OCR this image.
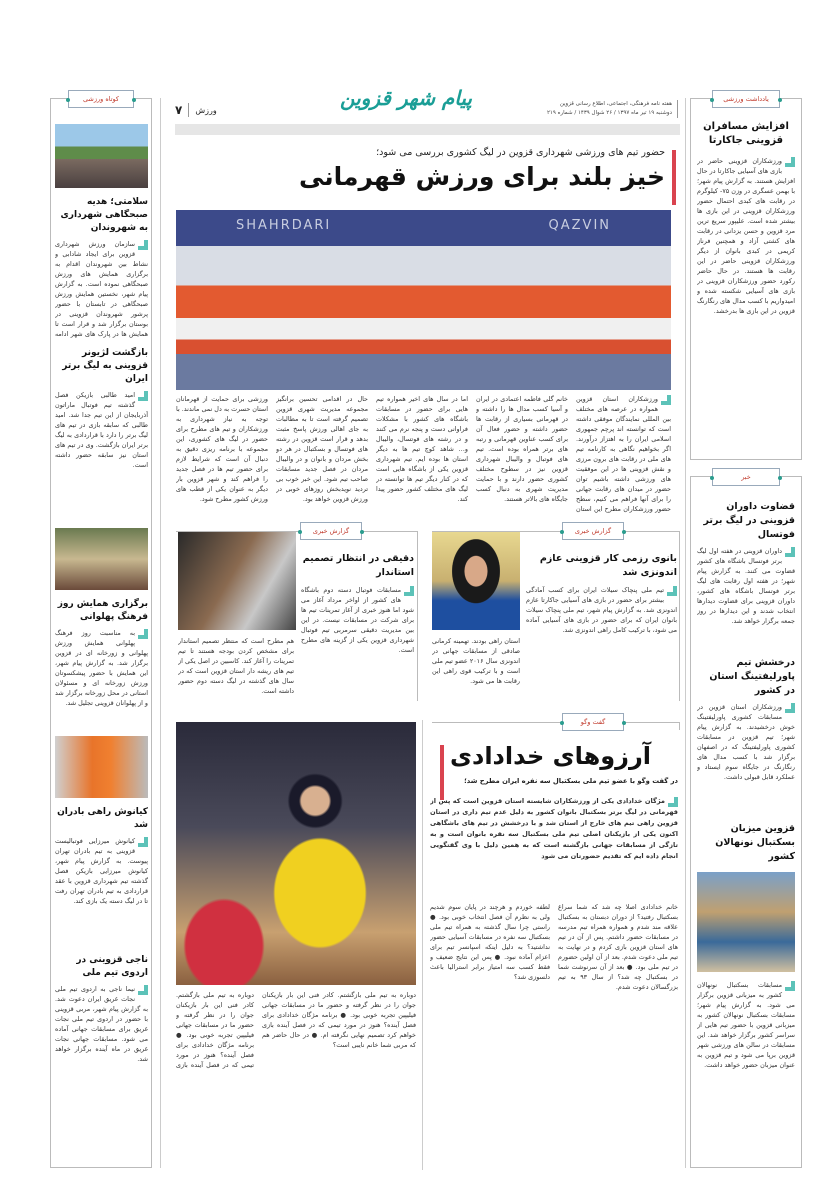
کوتاه ورزشی
سلامتی؛ هدیه صبحگاهی شهرداری به شهروندان
سازمان ورزش شهرداری قزوین برای ایجاد شادابی و نشاط بین شهروندان اقدام به برگزاری همایش های ورزش صبحگاهی نموده است. به گزارش پیام شهر، نخستین همایش ورزش صبحگاهی در تابستان با حضور پرشور شهروندان قزوینی در بوستان برگزار شد و قرار است تا همایش ها در پارک های شهر ادامه
بازگشت لژیونر قزوینی به لیگ برتر ایران
امید طالبی بازیکن فصل گذشته تیم فوتبال ماراتون آذربایجان از این تیم جدا شد. امید طالبی که سابقه بازی در تیم های لیگ برتر را دارد با قراردادی به لیگ برتر ایران بازگشت. وی در تیم های استان نیز سابقه حضور داشته است.
برگزاری همایش روز فرهنگ پهلوانی
به مناسبت روز فرهنگ پهلوانی همایش ورزش پهلوانی و زورخانه ای در قزوین برگزار شد. به گزارش پیام شهر، این همایش با حضور پیشکسوتان ورزش زورخانه ای و مسئولان استانی در محل زورخانه برگزار شد و از پهلوانان قزوینی تجلیل شد.
کیانوش راهی بادران شد
کیانوش میرزایی فوتبالیست قزوینی به تیم بادران تهران پیوست. به گزارش پیام شهر، کیانوش میرزایی بازیکن فصل گذشته تیم شهرداری قزوین با عقد قراردادی به تیم بادران تهران رفت تا در لیگ دسته یک بازی کند.
ناجی قزوینی در اردوی تیم ملی
نیما ناجی به اردوی تیم ملی نجات غریق ایران دعوت شد. به گزارش پیام شهر، مربی قزوینی با حضور در اردوی تیم ملی نجات غریق برای مسابقات جهانی آماده می شود. مسابقات جهانی نجات غریق در ماه آینده برگزار خواهد شد.
یادداشت ورزشی
افزایش مسافران قزوینی جاکارتا
ورزشکاران قزوینی حاضر در بازی های آسیایی جاکارتا در حال افزایش هستند. به گزارش پیام شهر؛ با بهمن عسگری در وزن ۷۵- کیلوگرم در رقابت های کبدی احتمال حضور ورزشکاران قزوینی در این بازی ها بیشتر شده است. علیپور سریع ترین مرد قزوین و حسن یزدانی در رقابت های کشتی آزاد و همچنین فرناز کریمی در کبدی بانوان از دیگر ورزشکاران قزوینی حاضر در این رقابت ها هستند. در حال حاضر رکورد حضور ورزشکاران قزوینی در بازی های آسیایی شکسته شده و امیدواریم با کسب مدال های رنگارنگ قزوین در این بازی ها بدرخشد.
خبر
قضاوت داوران قزوینی در لیگ برتر فوتسال
داوران قزوینی در هفته اول لیگ برتر فوتسال باشگاه های کشور قضاوت می کنند. به گزارش پیام شهر؛ در هفته اول رقابت های لیگ برتر فوتسال باشگاه های کشور، داوران قزوینی برای قضاوت دیدارها انتخاب شدند و این دیدارها در روز جمعه برگزار خواهد شد.
درخشش تیم پاورلیفتینگ استان در کشور
ورزشکاران استان قزوین در مسابقات کشوری پاورلیفتینگ خوش درخشیدند. به گزارش پیام شهر؛ تیم قزوین در مسابقات کشوری پاورلیفتینگ که در اصفهان برگزار شد با کسب مدال های رنگارنگ در جایگاه سوم ایستاد و عملکرد قابل قبولی داشت.
قزوین میزبان بسکتبال نونهالان کشور
مسابقات بسکتبال نونهالان کشور به میزبانی قزوین برگزار می شود. به گزارش پیام شهر؛ مسابقات بسکتبال نونهالان کشور به میزبانی قزوین با حضور تیم هایی از سراسر کشور برگزار خواهد شد. این مسابقات در سالن های ورزشی شهر قزوین برپا می شود و تیم قزوین به عنوان میزبان حضور خواهد داشت.
پیام شهر قزوین	هفته نامه فرهنگی، اجتماعی، اطلاع رسانی قزوین
دوشنبه ۱۹ تیر ماه ۱۳۹۷ / ۲۶ شوال ۱۴۳۹ / شماره ۲۱۹
۷ ورزش
حضور تیم های ورزشی شهرداری قزوین در لیگ کشوری بررسی می شود؛
خیز بلند برای ورزش قهرمانی
SHAHRDARI	QAZVIN
ورزشی برای حمایت از قهرمانان استان حسرت به دل نمی ماندند. با توجه به نیاز شهرداری به ورزشکاران و تیم های مطرح برای حضور در لیگ های کشوری، این مجموعه با برنامه ریزی دقیق به دنبال آن است که شرایط لازم برای حضور تیم ها در فصل جدید را فراهم کند و شهر قزوین بار دیگر به عنوان یکی از قطب های ورزش کشور مطرح شود.
حال در اقدامی تحسین برانگیز مجموعه مدیریت شهری قزوین تصمیم گرفته است تا به مطالبات به جای اهالی ورزش پاسخ مثبت بدهد و قرار است قزوین در رشته های فوتسال و بسکتبال در هر دو بخش مردان و بانوان و در والیبال مردان در فصل جدید مسابقات صاحب تیم شود. این خبر خوب بی تردید نویدبخش روزهای خوبی در ورزش قزوین خواهد بود.
اما در سال های اخیر همواره تیم هایی برای حضور در مسابقات باشگاه های کشور با مشکلات فراوانی دست و پنجه نرم می کنند و در رشته های فوتسال، والیبال و… شاهد کوچ تیم ها به دیگر استان ها بوده ایم. تیم شهرداری قزوین یکی از باشگاه هایی است که در کنار دیگر تیم ها توانسته در لیگ های مختلف کشور حضور پیدا کند.
خانم گلی فاطمه اعتمادی در ایران و آسیا کسب مدال ها را داشته و در قهرمانی بسیاری از رقابت ها حضور داشته و حضور فعال آن برای کسب عناوین قهرمانی و رتبه های برتر همراه بوده است. تیم های فوتبال و والیبال شهرداری قزوین نیز در سطوح مختلف کشوری حضور دارند و با حمایت مدیریت شهری به دنبال کسب جایگاه های بالاتر هستند.
ورزشکاران استان قزوین همواره در عرصه های مختلف بین المللی نمایندگان موفقی داشته است که توانسته اند پرچم جمهوری اسلامی ایران را به اهتزاز درآورند. اگر بخواهیم نگاهی به کارنامه تیم های ملی در رقابت های برون مرزی و نقش قزوینی ها در این موفقیت های ورزشی داشته باشیم توان حضور در میدان های رقابت جهانی را برای آنها فراهم می کنیم، سطح حضور ورزشکاران مطرح این استان
گزارش خبری
دقیقی در انتظار تصمیم استاندار
مسابقات فوتبال دسته دوم باشگاه های کشور از اواخر مرداد آغاز می شود اما هنوز خبری از آغاز تمرینات تیم ها برای شرکت در مسابقات نیست. در این بین مدیریت دقیقی سرمربی تیم فوتبال شهرداری قزوین یکی از گزینه های مطرح است.
هم مطرح است که منتظر تصمیم استاندار برای مشخص کردن بودجه هستند تا تیم تمرینات را آغاز کند. کاسبین در اصل یکی از تیم های ریشه دار استان قزوین است که در سال های گذشته در لیگ دسته دوم حضور داشته است.
گزارش خبری
بانوی رزمی کار قزوینی عازم اندونزی شد
تیم ملی پنچاک سیلات ایران برای کسب آمادگی بیشتر برای حضور در بازی های آسیایی جاکارتا عازم اندونزی شد. به گزارش پیام شهر، تیم ملی پنچاک سیلات بانوان ایران که برای حضور در بازی های آسیایی آماده می شود، با ترکیب کامل راهی اندونزی شد.
استان راهی بودند. تهمینه کرمانی صادقی از مسابقات جهانی در اندونزی سال ۲۰۱۶ عضو تیم ملی است و با ترکیب قوی راهی این رقابت ها می شود.
گفت وگو
آرزوهای خدادادی
در گفت وگو با عضو تیم ملی بسکتبال سه نفره ایران مطرح شد؛
مژگان خدادادی یکی از ورزشکاران شایسته استان قزوین است که پس از قهرمانی در لیگ برتر بسکتبال بانوان کشور به دلیل عدم تیم داری در استان قزوین راهی تیم های خارج از استان شد و با درخشش در تیم های باشگاهی اکنون یکی از بازیکنان اصلی تیم ملی بسکتبال سه نفره بانوان است و به تازگی از مسابقات جهانی بازگشته است که به همین دلیل با وی گفتگویی انجام داده ایم که تقدیم حضورتان می شود
دوباره به تیم ملی بازگشتم. کادر فنی این بار بازیکنان جوان را در نظر گرفته و حضور ما در مسابقات جهانی فیلیپین تجربه خوبی بود. ● برنامه مژگان خدادادی برای فصل آینده؟ هنوز در مورد تیمی که در فصل آینده بازی
دوباره به تیم ملی بازگشتم. کادر فنی این بار بازیکنان جوان را در نظر گرفته و حضور ما در مسابقات جهانی فیلیپین تجربه خوبی بود. ● برنامه مژگان خدادادی برای فصل آینده؟ هنوز در مورد تیمی که در فصل آینده بازی خواهم کرد تصمیم نهایی نگرفته ام. ● در حال حاضر هم که مربی شما خانم نایبی است؟
لطفه خوردم و هرچند در پایان سوم شدیم ولی به نظرم آن فصل انتخاب خوبی بود. ● راستی چرا سال گذشته به همراه تیم ملی بسکتبال سه نفره در مسابقات آسیایی حضور نداشتید؟ به دلیل اینکه اسپانسر تیم برای اعزام آماده نبود. ● پس این نتایج ضعیف و فقط کسب سه امتیاز برابر استرالیا باعث دلسوزی شد؟
خانم خدادادی اصلا چه شد که شما سراغ بسکتبال رفتید؟ از دوران دبستان به بسکتبال علاقه مند شدم و همواره همراه تیم مدرسه در مسابقات حضور داشتم. پس از آن در تیم های استان قزوین بازی کردم و در نهایت به تیم ملی دعوت شدم. بعد از آن اولین حضورم در تیم ملی بود. ● بعد از آن سرنوشت شما در بسکتبال چه شد؟ از سال ۹۳ به تیم بزرگسالان دعوت شدم.
